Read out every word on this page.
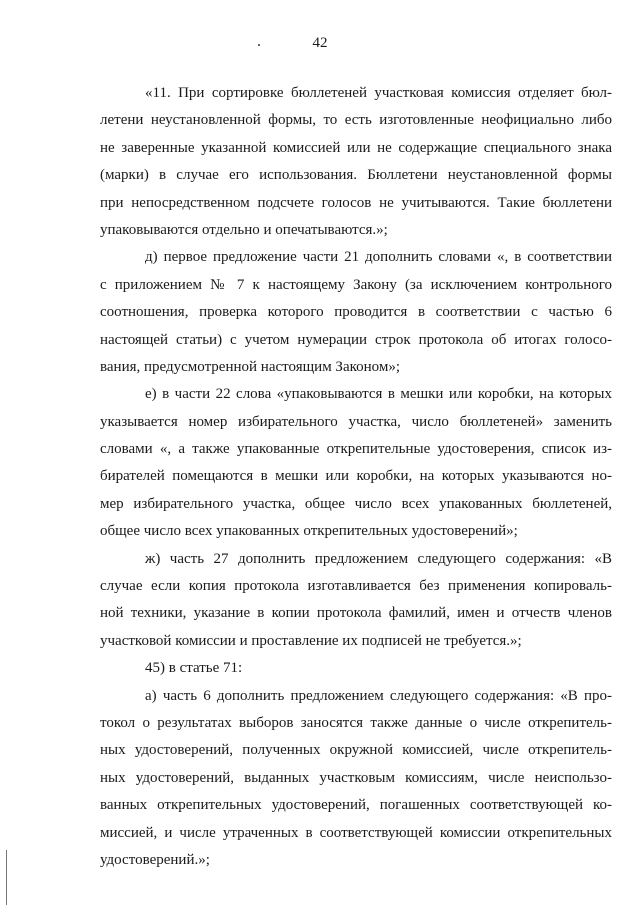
42
«11. При сортировке бюллетеней участковая комиссия отделяет бюл-
летени неустановленной формы, то есть изготовленные неофициально либо
не заверенные указанной комиссией или не содержащие специального знака
(марки) в случае его использования. Бюллетени неустановленной формы
при непосредственном подсчете голосов не учитываются. Такие бюллетени
упаковываются отдельно и опечатываются.»;
д) первое предложение части 21 дополнить словами «, в соответствии
с приложением № 7 к настоящему Закону (за исключением контрольного
соотношения, проверка которого проводится в соответствии с частью 6
настоящей статьи) с учетом нумерации строк протокола об итогах голосо-
вания, предусмотренной настоящим Законом»;
е) в части 22 слова «упаковываются в мешки или коробки, на которых
указывается номер избирательного участка, число бюллетеней» заменить
словами «, а также упакованные открепительные удостоверения, список из-
бирателей помещаются в мешки или коробки, на которых указываются но-
мер избирательного участка, общее число всех упакованных бюллетеней,
общее число всех упакованных открепительных удостоверений»;
ж) часть 27 дополнить предложением следующего содержания: «В
случае если копия протокола изготавливается без применения копироваль-
ной техники, указание в копии протокола фамилий, имен и отчеств членов
участковой комиссии и проставление их подписей не требуется.»;
45) в статье 71:
а) часть 6 дополнить предложением следующего содержания: «В про-
токол о результатах выборов заносятся также данные о числе открепитель-
ных удостоверений, полученных окружной комиссией, числе открепитель-
ных удостоверений, выданных участковым комиссиям, числе неиспользо-
ванных открепительных удостоверений, погашенных соответствующей ко-
миссией, и числе утраченных в соответствующей комиссии открепительных
удостоверений.»;
